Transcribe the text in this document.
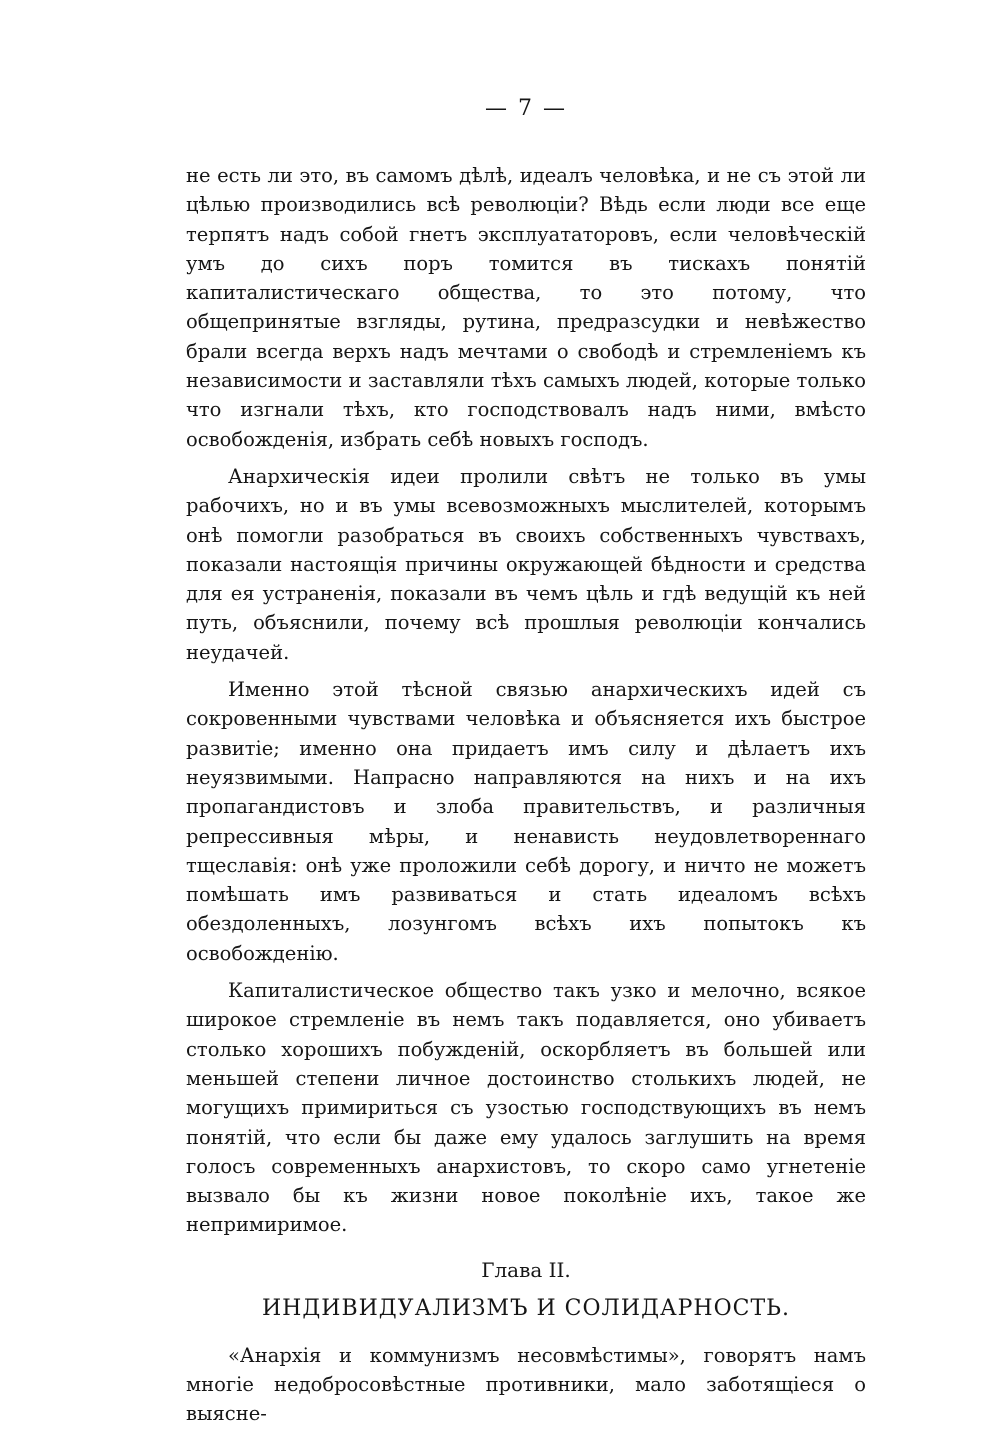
— 7 —

не есть ли это, въ самомъ дѣлѣ, идеалъ человѣка, и не съ этой ли цѣлью производились всѣ революціи? Вѣдь если люди все еще терпятъ надъ собой гнетъ эксплуататоровъ, если человѣческій умъ до сихъ поръ томится въ тискахъ понятій капиталистическаго общества, то это потому, что общепринятые взгляды, рутина, предразсудки и невѣжество брали всегда верхъ надъ мечтами о свободѣ и стремленіемъ къ независимости и заставляли тѣхъ самыхъ людей, которые только что изгнали тѣхъ, кто господствовалъ надъ ними, вмѣсто освобожденія, избрать себѣ новыхъ господъ.

Анархическія идеи пролили свѣтъ не только въ умы рабочихъ, но и въ умы всевозможныхъ мыслителей, которымъ онѣ помогли разобраться въ своихъ собственныхъ чувствахъ, показали настоящія причины окружающей бѣдности и средства для ея устраненія, показали въ чемъ цѣль и гдѣ ведущій къ ней путь, объяснили, почему всѣ прошлыя революціи кончались неудачей.

Именно этой тѣсной связью анархическихъ идей съ сокровенными чувствами человѣка и объясняется ихъ быстрое развитіе; именно она придаетъ имъ силу и дѣлаетъ ихъ неуязвимыми. Напрасно направляются на нихъ и на ихъ пропагандистовъ и злоба правительствъ, и различныя репрессивныя мѣры, и ненависть неудовлетвореннаго тщеславія: онѣ уже проложили себѣ дорогу, и ничто не можетъ помѣшать имъ развиваться и стать идеаломъ всѣхъ обездоленныхъ, лозунгомъ всѣхъ ихъ попытокъ къ освобожденію.

Капиталистическое общество такъ узко и мелочно, всякое широкое стремленіе въ немъ такъ подавляется, оно убиваетъ столько хорошихъ побужденій, оскорбляетъ въ большей или меньшей степени личное достоинство столькихъ людей, не могущихъ примириться съ узостью господствующихъ въ немъ понятій, что если бы даже ему удалось заглушить на время голосъ современныхъ анархистовъ, то скоро само угнетеніе вызвало бы къ жизни новое поколѣніе ихъ, такое же непримиримое.

Глава II.
ИНДИВИДУАЛИЗМЪ И СОЛИДАРНОСТЬ.

«Анархія и коммунизмъ несовмѣстимы», говорятъ намъ многіе недобросовѣстные противники, мало заботящіеся о выясне-
